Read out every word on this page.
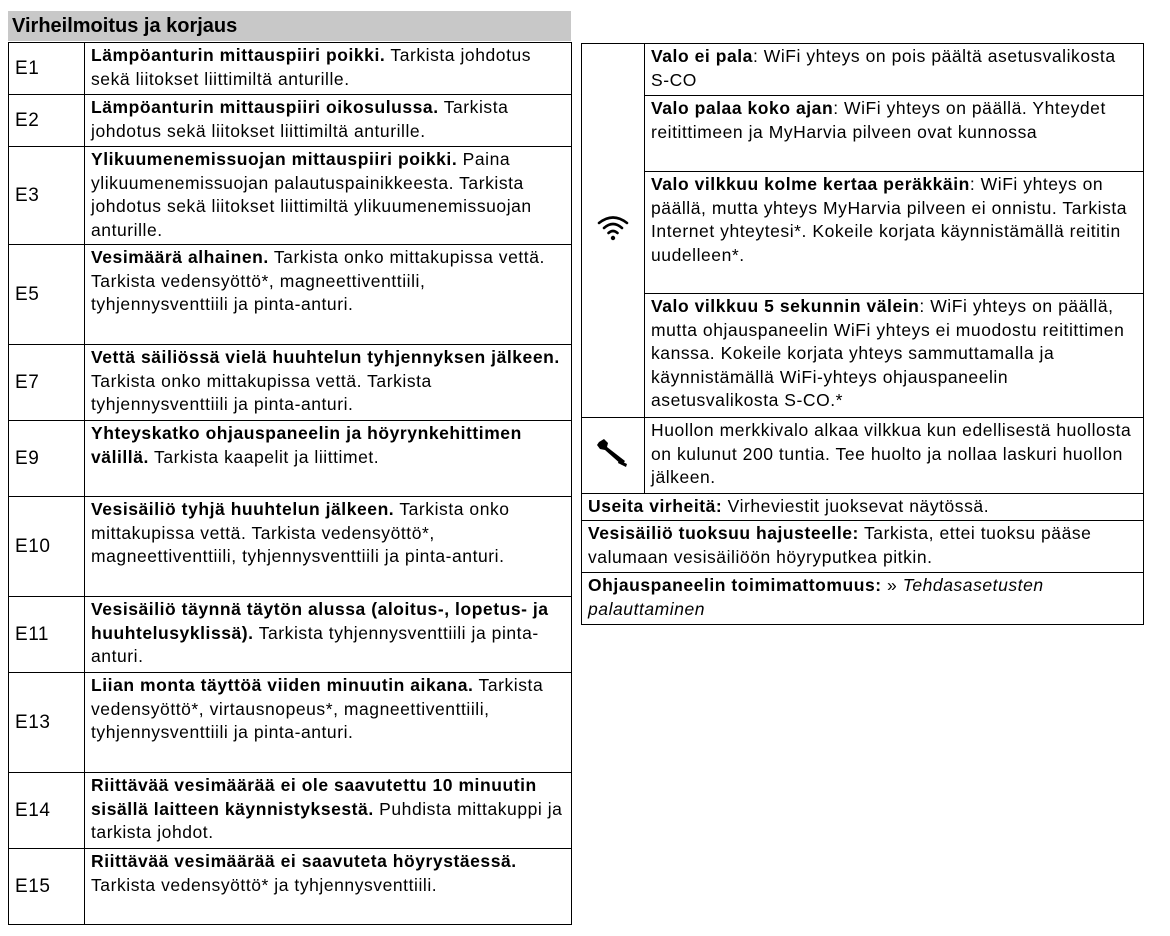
Virheilmoitus ja korjaus
E1	Lämpöanturin mittauspiiri poikki. Tarkista johdotus sekä liitokset liittimiltä anturille.
E2	Lämpöanturin mittauspiiri oikosulussa. Tarkista johdotus sekä liitokset liittimiltä anturille.
E3	Ylikuumenemissuojan mittauspiiri poikki. Paina ylikuumenemissuojan palautuspainikkeesta. Tarkista johdotus sekä liitokset liittimiltä ylikuumenemissuojan anturille.
E5	Vesimäärä alhainen. Tarkista onko mittakupissa vettä. Tarkista vedensyöttö*, magneettiventtiili, tyhjennysventtiili ja pinta-anturi.
E7	Vettä säiliössä vielä huuhtelun tyhjennyksen jälkeen. Tarkista onko mittakupissa vettä. Tarkista tyhjennysventtiili ja pinta-anturi.
E9	Yhteyskatko ohjauspaneelin ja höyrynkehittimen välillä. Tarkista kaapelit ja liittimet.
E10	Vesisäiliö tyhjä huuhtelun jälkeen. Tarkista onko mittakupissa vettä. Tarkista vedensyöttö*, magneettiventtiili, tyhjennysventtiili ja pinta-anturi.
E11	Vesisäiliö täynnä täytön alussa (aloitus-, lopetus- ja huuhtelusyklissä). Tarkista tyhjennysventtiili ja pinta-anturi.
E13	Liian monta täyttöä viiden minuutin aikana. Tarkista vedensyöttö*, virtausnopeus*, magneettiventtiili, tyhjennysventtiili ja pinta-anturi.
E14	Riittävää vesimäärää ei ole saavutettu 10 minuutin sisällä laitteen käynnistyksestä. Puhdista mittakuppi ja tarkista johdot.
E15	Riittävää vesimäärää ei saavuteta höyrystäessä. Tarkista vedensyöttö* ja tyhjennysventtiili.
	Valo ei pala: WiFi yhteys on pois päältä asetusvalikosta S-CO
	Valo palaa koko ajan: WiFi yhteys on päällä. Yhteydet reitittimeen ja MyHarvia pilveen ovat kunnossa
	Valo vilkkuu kolme kertaa peräkkäin: WiFi yhteys on päällä, mutta yhteys MyHarvia pilveen ei onnistu. Tarkista Internet yhteytesi*. Kokeile korjata käynnistämällä reititin uudelleen*.
	Valo vilkkuu 5 sekunnin välein: WiFi yhteys on päällä, mutta ohjauspaneelin WiFi yhteys ei muodostu reitittimen kanssa. Kokeile korjata yhteys sammuttamalla ja käynnistämällä WiFi-yhteys ohjauspaneelin asetusvalikosta S-CO.*
	Huollon merkkivalo alkaa vilkkua kun edellisestä huollosta on kulunut 200 tuntia. Tee huolto ja nollaa laskuri huollon jälkeen.
Useita virheitä: Virheviestit juoksevat näytössä.	
Vesisäiliö tuoksuu hajusteelle: Tarkista, ettei tuoksu pääse valumaan vesisäiliöön höyryputkea pitkin.	
Ohjauspaneelin toimimattomuus: » Tehdasasetusten palauttaminen	
